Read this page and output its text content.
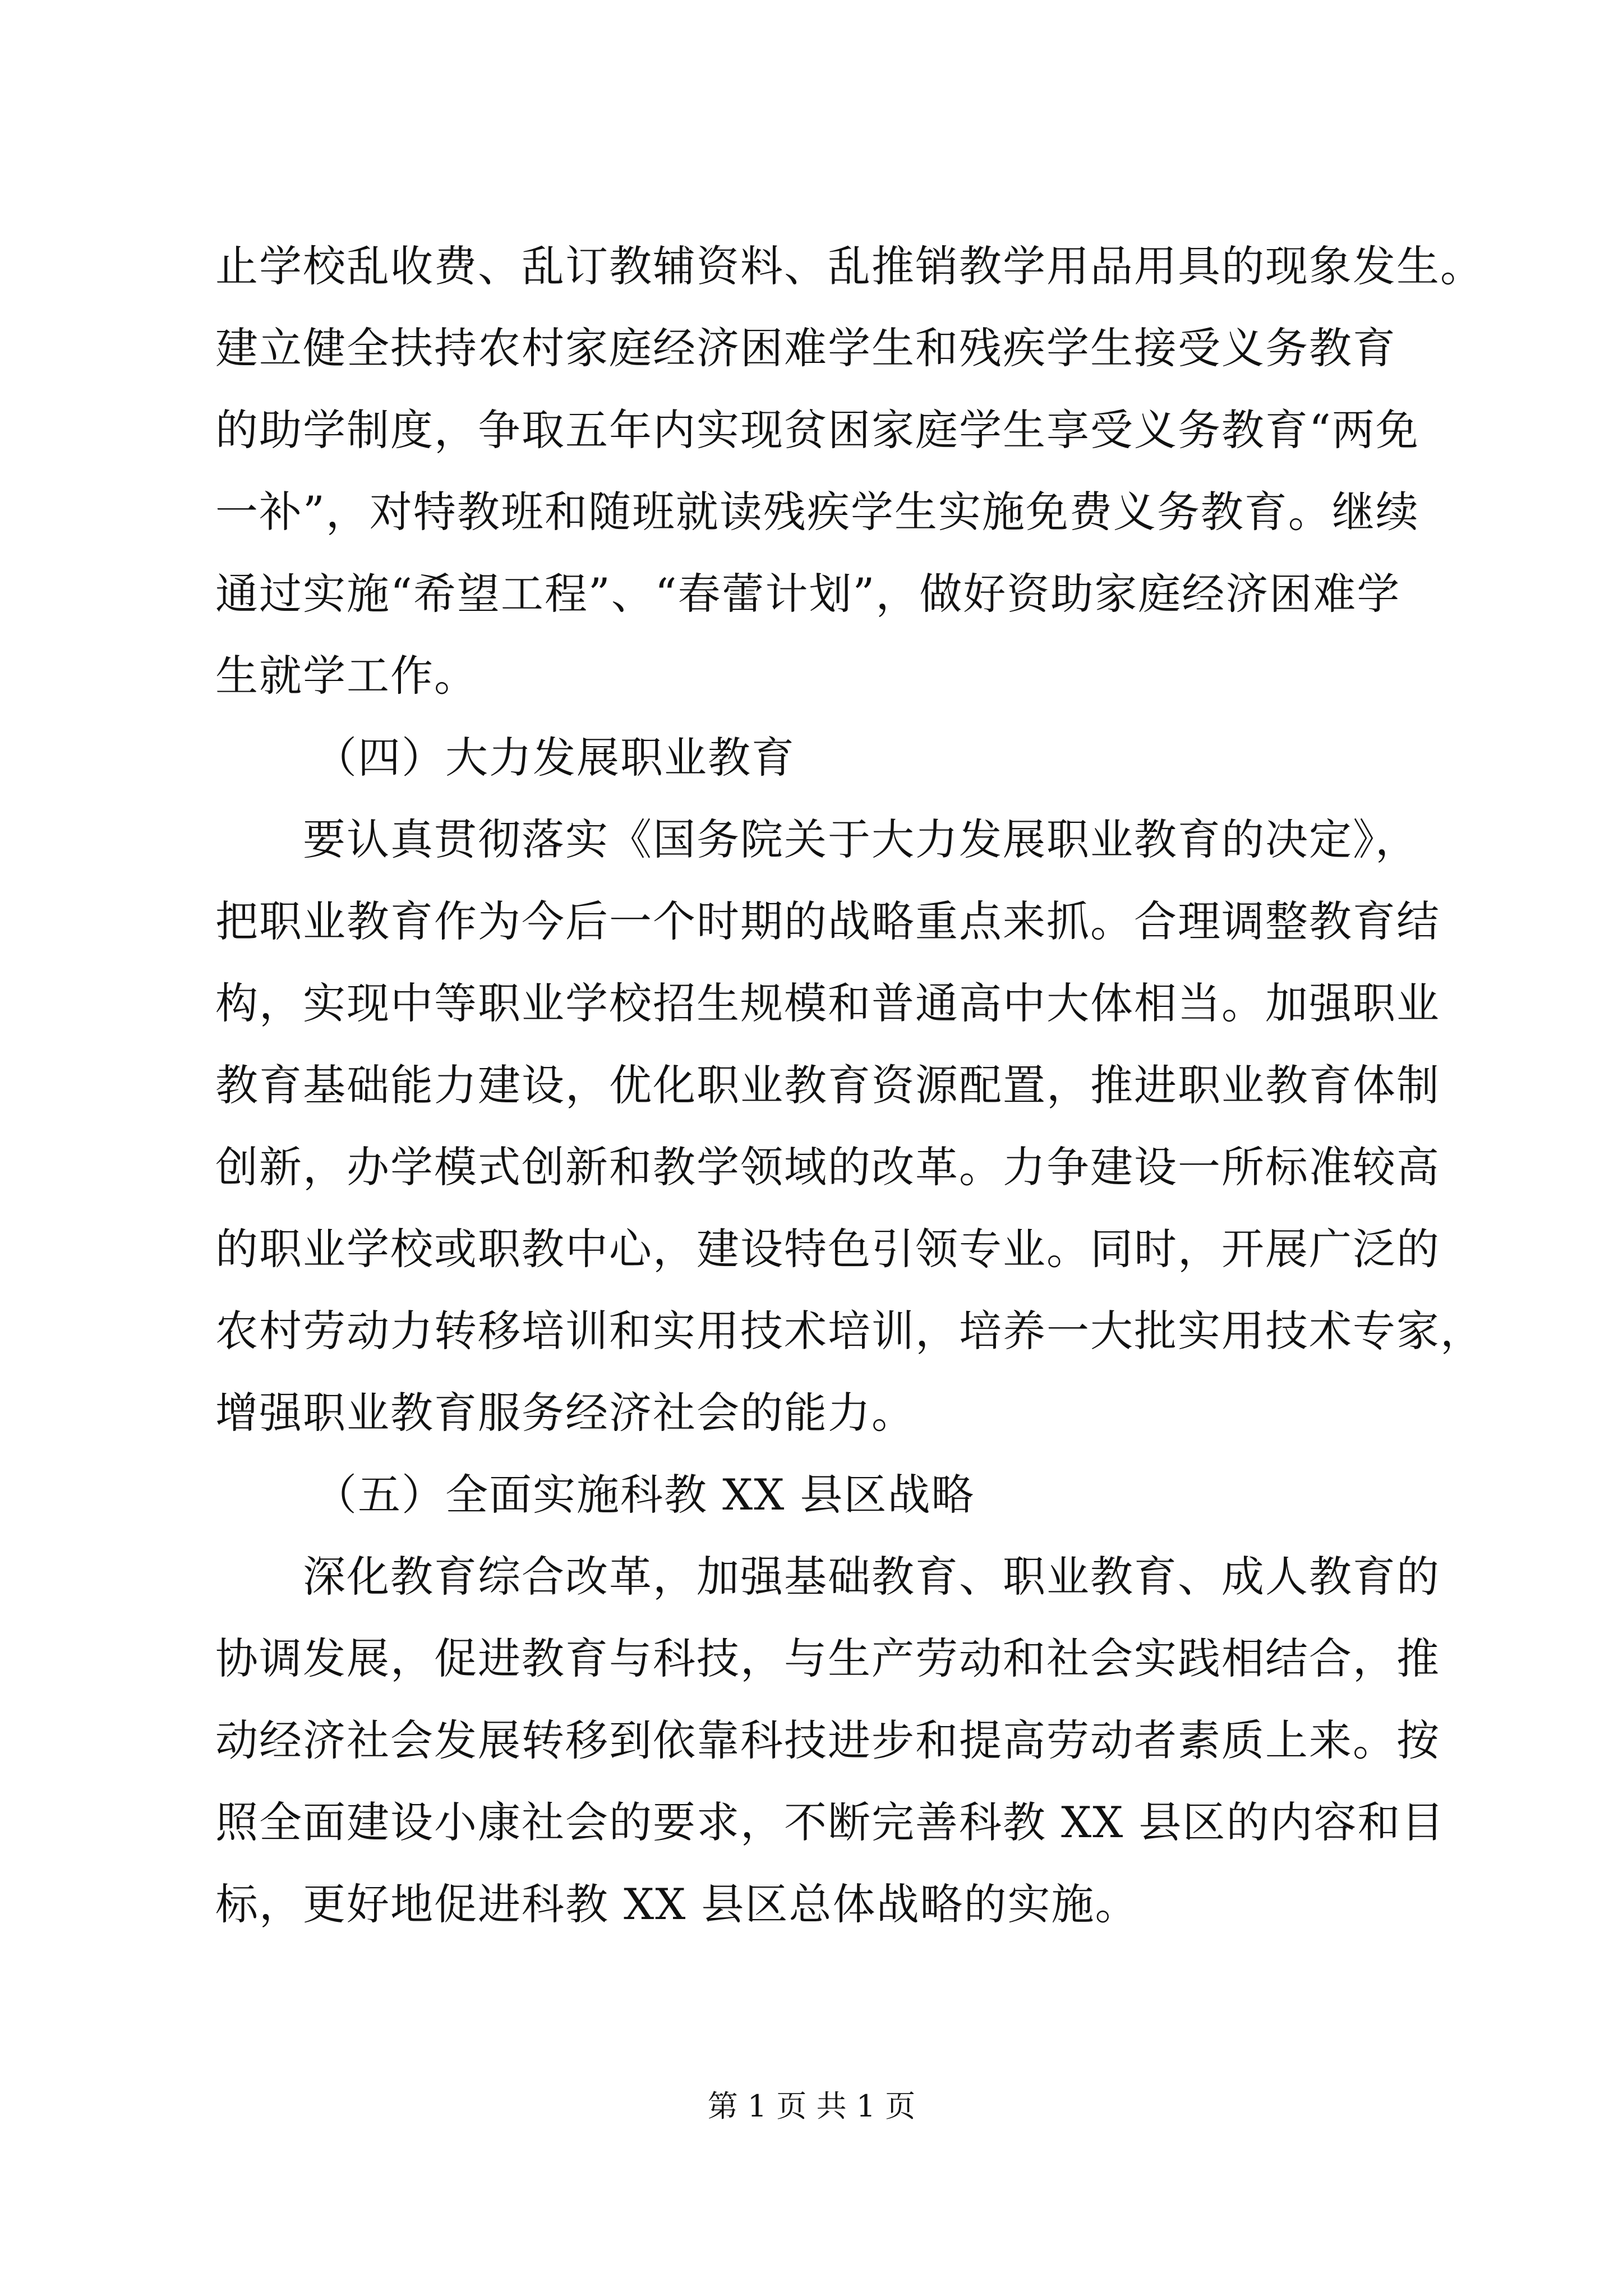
止学校乱收费、乱订教辅资料、乱推销教学用品用具的现象发生。
建立健全扶持农村家庭经济困难学生和残疾学生接受义务教育
的助学制度，争取五年内实现贫困家庭学生享受义务教育“两免
一补”，对特教班和随班就读残疾学生实施免费义务教育。继续
通过实施“希望工程”、“春蕾计划”，做好资助家庭经济困难学
生就学工作。
（四）大力发展职业教育
要认真贯彻落实《国务院关于大力发展职业教育的决定》，
把职业教育作为今后一个时期的战略重点来抓。合理调整教育结
构，实现中等职业学校招生规模和普通高中大体相当。加强职业
教育基础能力建设，优化职业教育资源配置，推进职业教育体制
创新，办学模式创新和教学领域的改革。力争建设一所标准较高
的职业学校或职教中心，建设特色引领专业。同时，开展广泛的
农村劳动力转移培训和实用技术培训，培养一大批实用技术专家，
增强职业教育服务经济社会的能力。
（五）全面实施科教 XX 县区战略
深化教育综合改革，加强基础教育、职业教育、成人教育的
协调发展，促进教育与科技，与生产劳动和社会实践相结合，推
动经济社会发展转移到依靠科技进步和提高劳动者素质上来。按
照全面建设小康社会的要求，不断完善科教 XX 县区的内容和目
标，更好地促进科教 XX 县区总体战略的实施。
第 1 页 共 1 页
